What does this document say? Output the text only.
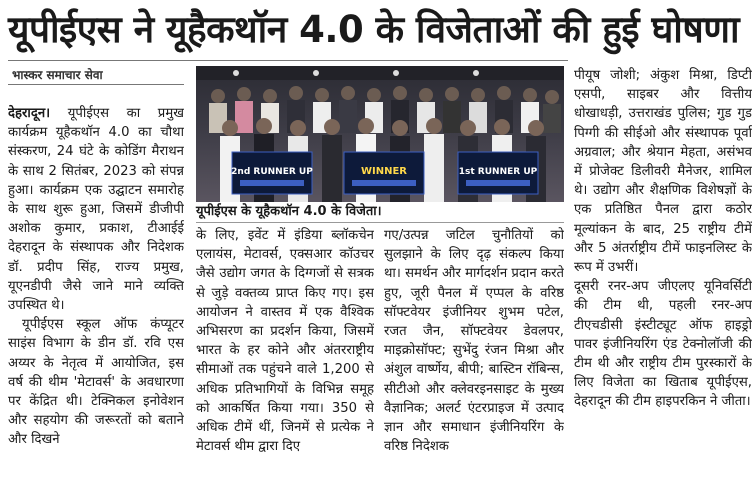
यूपीईएस ने यूहैकथॉन 4.0 के विजेताओं की हुई घोषणा
भास्कर समाचार सेवा

देहरादून। यूपीईएस का प्रमुख कार्यक्रम यूहैकथॉन 4.0 का चौथा संस्करण, 24 घंटे के कोडिंग मैराथन के साथ 2 सितंबर, 2023 को संपन्न हुआ। कार्यक्रम एक उद्घाटन समारोह के साथ शुरू हुआ, जिसमें डीजीपी अशोक कुमार, प्रकाश, टीआईई देहरादून के संस्थापक और निदेशक डॉ. प्रदीप सिंह, राज्य प्रमुख, यूएनडीपी जैसे जाने माने व्यक्ति उपस्थित थे।

यूपीईएस स्कूल ऑफ कंप्यूटर साइंस विभाग के डीन डॉ. रवि एस अय्यर के नेतृत्व में आयोजित, इस वर्ष की थीम 'मेटावर्स' के अवधारणा पर केंद्रित थी। टेक्निकल इनोवेशन और सहयोग की जरूरतों को बताने और दिखने

2nd RUNNER UP	WINNER	1st RUNNER UP
यूपीईएस के यूहैकथॉन 4.0 के विजेता।

के लिए, इवेंट में इंडिया ब्लॉकचेन एलायंस, मेटावर्स, एक्सआर कॉउचर जैसे उद्योग जगत के दिग्गजों से सत्रक से जुड़े वक्तव्य प्राप्त किए गए। इस आयोजन ने वास्तव में एक वैश्विक अभिसरण का प्रदर्शन किया, जिसमें भारत के हर कोने और अंतरराष्ट्रीय सीमाओं तक पहुंचने वाले 1,200 से अधिक प्रतिभागियों के विभिन्न समूह को आकर्षित किया गया। 350 से अधिक टीमें थीं, जिनमें से प्रत्येक ने मेटावर्स थीम द्वारा दिए

गए/उत्पन्न जटिल चुनौतियों को सुलझाने के लिए दृढ़ संकल्प किया था। समर्थन और मार्गदर्शन प्रदान करते हुए, जूरी पैनल में एप्पल के वरिष्ठ सॉफ्टवेयर इंजीनियर शुभम पटेल, रजत जैन, सॉफ्टवेयर डेवलपर, माइक्रोसॉफ्ट; सुभेंदु रंजन मिश्रा और अंशुल वार्ष्णेय, बीपी; बास्टिन रॉबिन्स, सीटीओ और क्लेवरइनसाइट के मुख्य वैज्ञानिक; अलर्ट एंटरप्राइज में उत्पाद ज्ञान और समाधान इंजीनियरिंग के वरिष्ठ निदेशक

पीयूष जोशी; अंकुश मिश्रा, डिप्टी एसपी, साइबर और वित्तीय धोखाधड़ी, उत्तराखंड पुलिस; गुड गुड पिग्गी की सीईओ और संस्थापक पूर्वा अग्रवाल; और श्रेयान मेहता, असंभव में प्रोजेक्ट डिलीवरी मैनेजर, शामिल थे। उद्योग और शैक्षणिक विशेषज्ञों के एक प्रतिष्ठित पैनल द्वारा कठोर मूल्यांकन के बाद, 25 राष्ट्रीय टीमें और 5 अंतर्राष्ट्रीय टीमें फाइनलिस्ट के रूप में उभरीं।

दूसरी रनर-अप जीएलए यूनिवर्सिटी की टीम थी, पहली रनर-अप टीएचडीसी इंस्टीट्यूट ऑफ हाइड्रो पावर इंजीनियरिंग एंड टेक्नोलॉजी की टीम थी और राष्ट्रीय टीम पुरस्कारों के लिए विजेता का खिताब यूपीईएस, देहरादून की टीम हाइपरकिन ने जीता।
